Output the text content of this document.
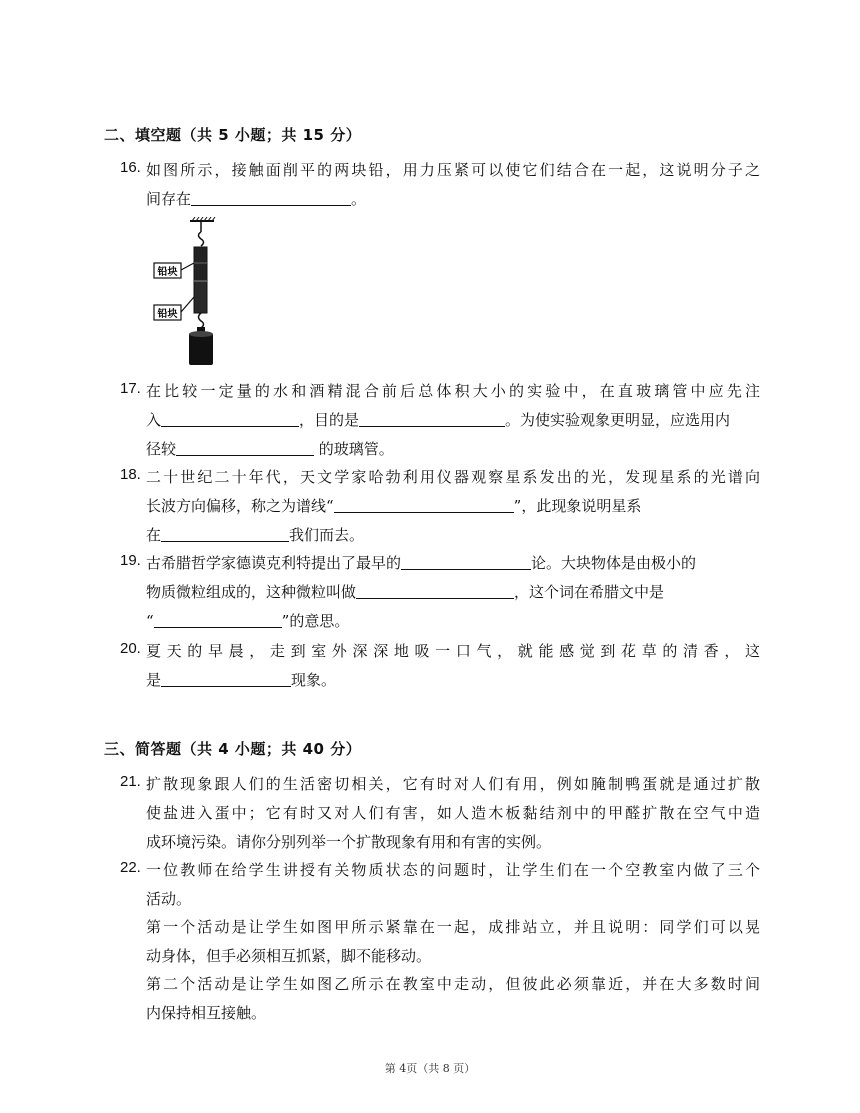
二、填空题（共 5 小题；共 15 分）
16. 如图所示，接触面削平的两块铅，用力压紧可以使它们结合在一起，这说明分子之
间存在	。
铅块
铅块
17. 在比较一定量的水和酒精混合前后总体积大小的实验中，在直玻璃管中应先注
入	，目的是	。为使实验观象更明显，应选用内
径较	的玻璃管。
18. 二十世纪二十年代，天文学家哈勃利用仪器观察星系发出的光，发现星系的光谱向
长波方向偏移，称之为谱线“	”，此现象说明星系
在	我们而去。
19. 古希腊哲学家德谟克利特提出了最早的	论。大块物体是由极小的
物质微粒组成的，这种微粒叫做	，这个词在希腊文中是
“	”的意思。
20. 夏天的早晨，走到室外深深地吸一口气，就能感觉到花草的清香，这
是	现象。
三、简答题（共 4 小题；共 40 分）
21. 扩散现象跟人们的生活密切相关，它有时对人们有用，例如腌制鸭蛋就是通过扩散
使盐进入蛋中；它有时又对人们有害，如人造木板黏结剂中的甲醛扩散在空气中造
成环境污染。请你分别列举一个扩散现象有用和有害的实例。
22. 一位教师在给学生讲授有关物质状态的问题时，让学生们在一个空教室内做了三个
活动。
第一个活动是让学生如图甲所示紧靠在一起，成排站立，并且说明：同学们可以晃
动身体，但手必须相互抓紧，脚不能移动。
第二个活动是让学生如图乙所示在教室中走动，但彼此必须靠近，并在大多数时间
内保持相互接触。
第 4页（共 8 页）
